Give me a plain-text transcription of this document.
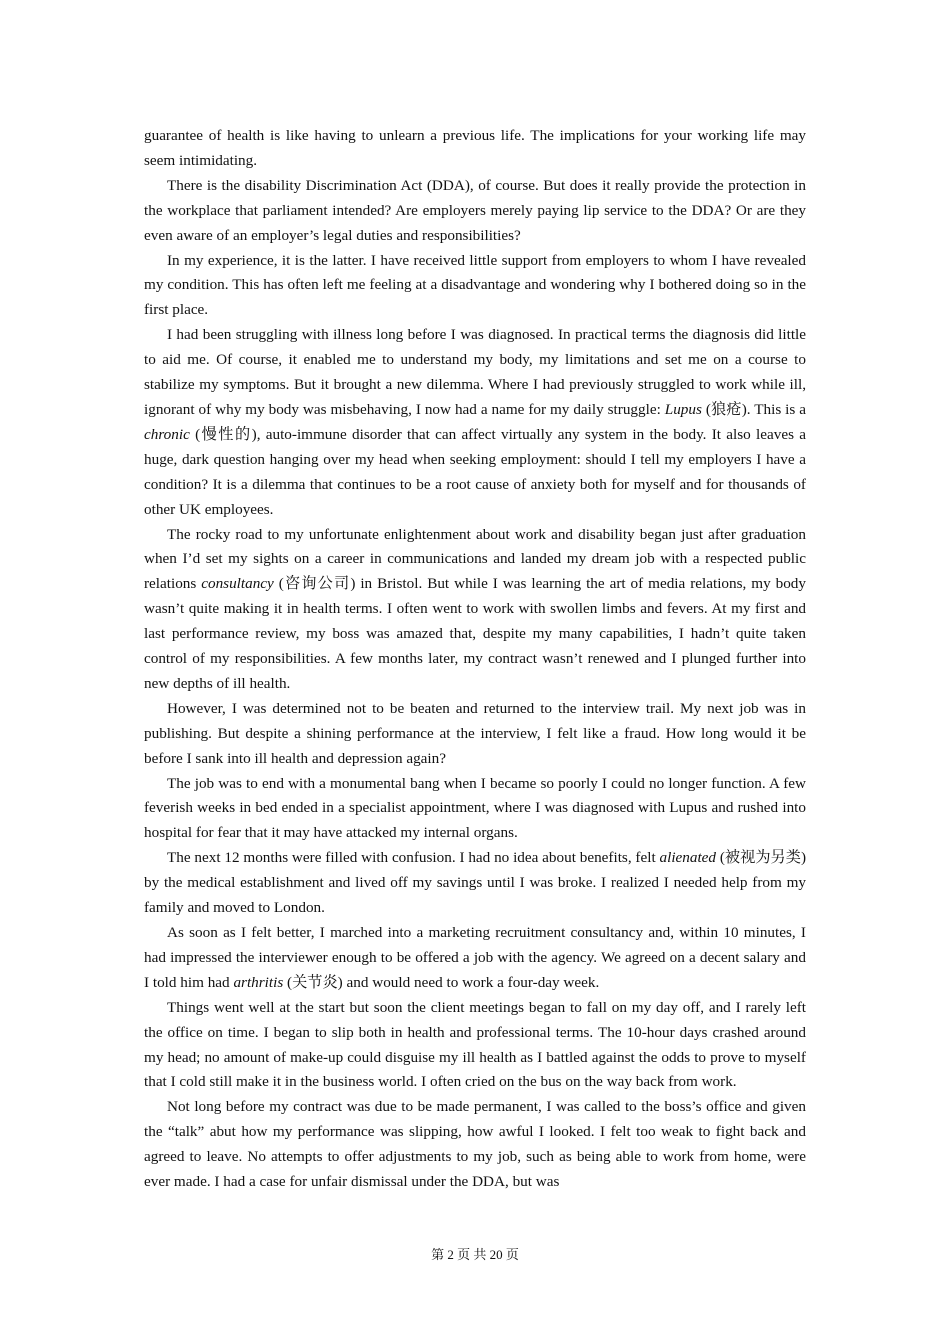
guarantee of health is like having to unlearn a previous life. The implications for your working life may seem intimidating.

There is the disability Discrimination Act (DDA), of course. But does it really provide the protection in the workplace that parliament intended? Are employers merely paying lip service to the DDA? Or are they even aware of an employer’s legal duties and responsibilities?

In my experience, it is the latter. I have received little support from employers to whom I have revealed my condition. This has often left me feeling at a disadvantage and wondering why I bothered doing so in the first place.

I had been struggling with illness long before I was diagnosed. In practical terms the diagnosis did little to aid me. Of course, it enabled me to understand my body, my limitations and set me on a course to stabilize my symptoms. But it brought a new dilemma. Where I had previously struggled to work while ill, ignorant of why my body was misbehaving, I now had a name for my daily struggle: Lupus (狼疮). This is a chronic (慢性的), auto-immune disorder that can affect virtually any system in the body. It also leaves a huge, dark question hanging over my head when seeking employment: should I tell my employers I have a condition? It is a dilemma that continues to be a root cause of anxiety both for myself and for thousands of other UK employees.

The rocky road to my unfortunate enlightenment about work and disability began just after graduation when I’d set my sights on a career in communications and landed my dream job with a respected public relations consultancy (咨询公司) in Bristol. But while I was learning the art of media relations, my body wasn’t quite making it in health terms. I often went to work with swollen limbs and fevers. At my first and last performance review, my boss was amazed that, despite my many capabilities, I hadn’t quite taken control of my responsibilities. A few months later, my contract wasn’t renewed and I plunged further into new depths of ill health.

However, I was determined not to be beaten and returned to the interview trail. My next job was in publishing. But despite a shining performance at the interview, I felt like a fraud. How long would it be before I sank into ill health and depression again?

The job was to end with a monumental bang when I became so poorly I could no longer function. A few feverish weeks in bed ended in a specialist appointment, where I was diagnosed with Lupus and rushed into hospital for fear that it may have attacked my internal organs.

The next 12 months were filled with confusion. I had no idea about benefits, felt alienated (被视为另类) by the medical establishment and lived off my savings until I was broke. I realized I needed help from my family and moved to London.

As soon as I felt better, I marched into a marketing recruitment consultancy and, within 10 minutes, I had impressed the interviewer enough to be offered a job with the agency. We agreed on a decent salary and I told him had arthritis (关节炎) and would need to work a four-day week.

Things went well at the start but soon the client meetings began to fall on my day off, and I rarely left the office on time. I began to slip both in health and professional terms. The 10-hour days crashed around my head; no amount of make-up could disguise my ill health as I battled against the odds to prove to myself that I cold still make it in the business world. I often cried on the bus on the way back from work.

Not long before my contract was due to be made permanent, I was called to the boss’s office and given the “talk” abut how my performance was slipping, how awful I looked. I felt too weak to fight back and agreed to leave. No attempts to offer adjustments to my job, such as being able to work from home, were ever made. I had a case for unfair dismissal under the DDA, but was

第 2 页 共 20 页
